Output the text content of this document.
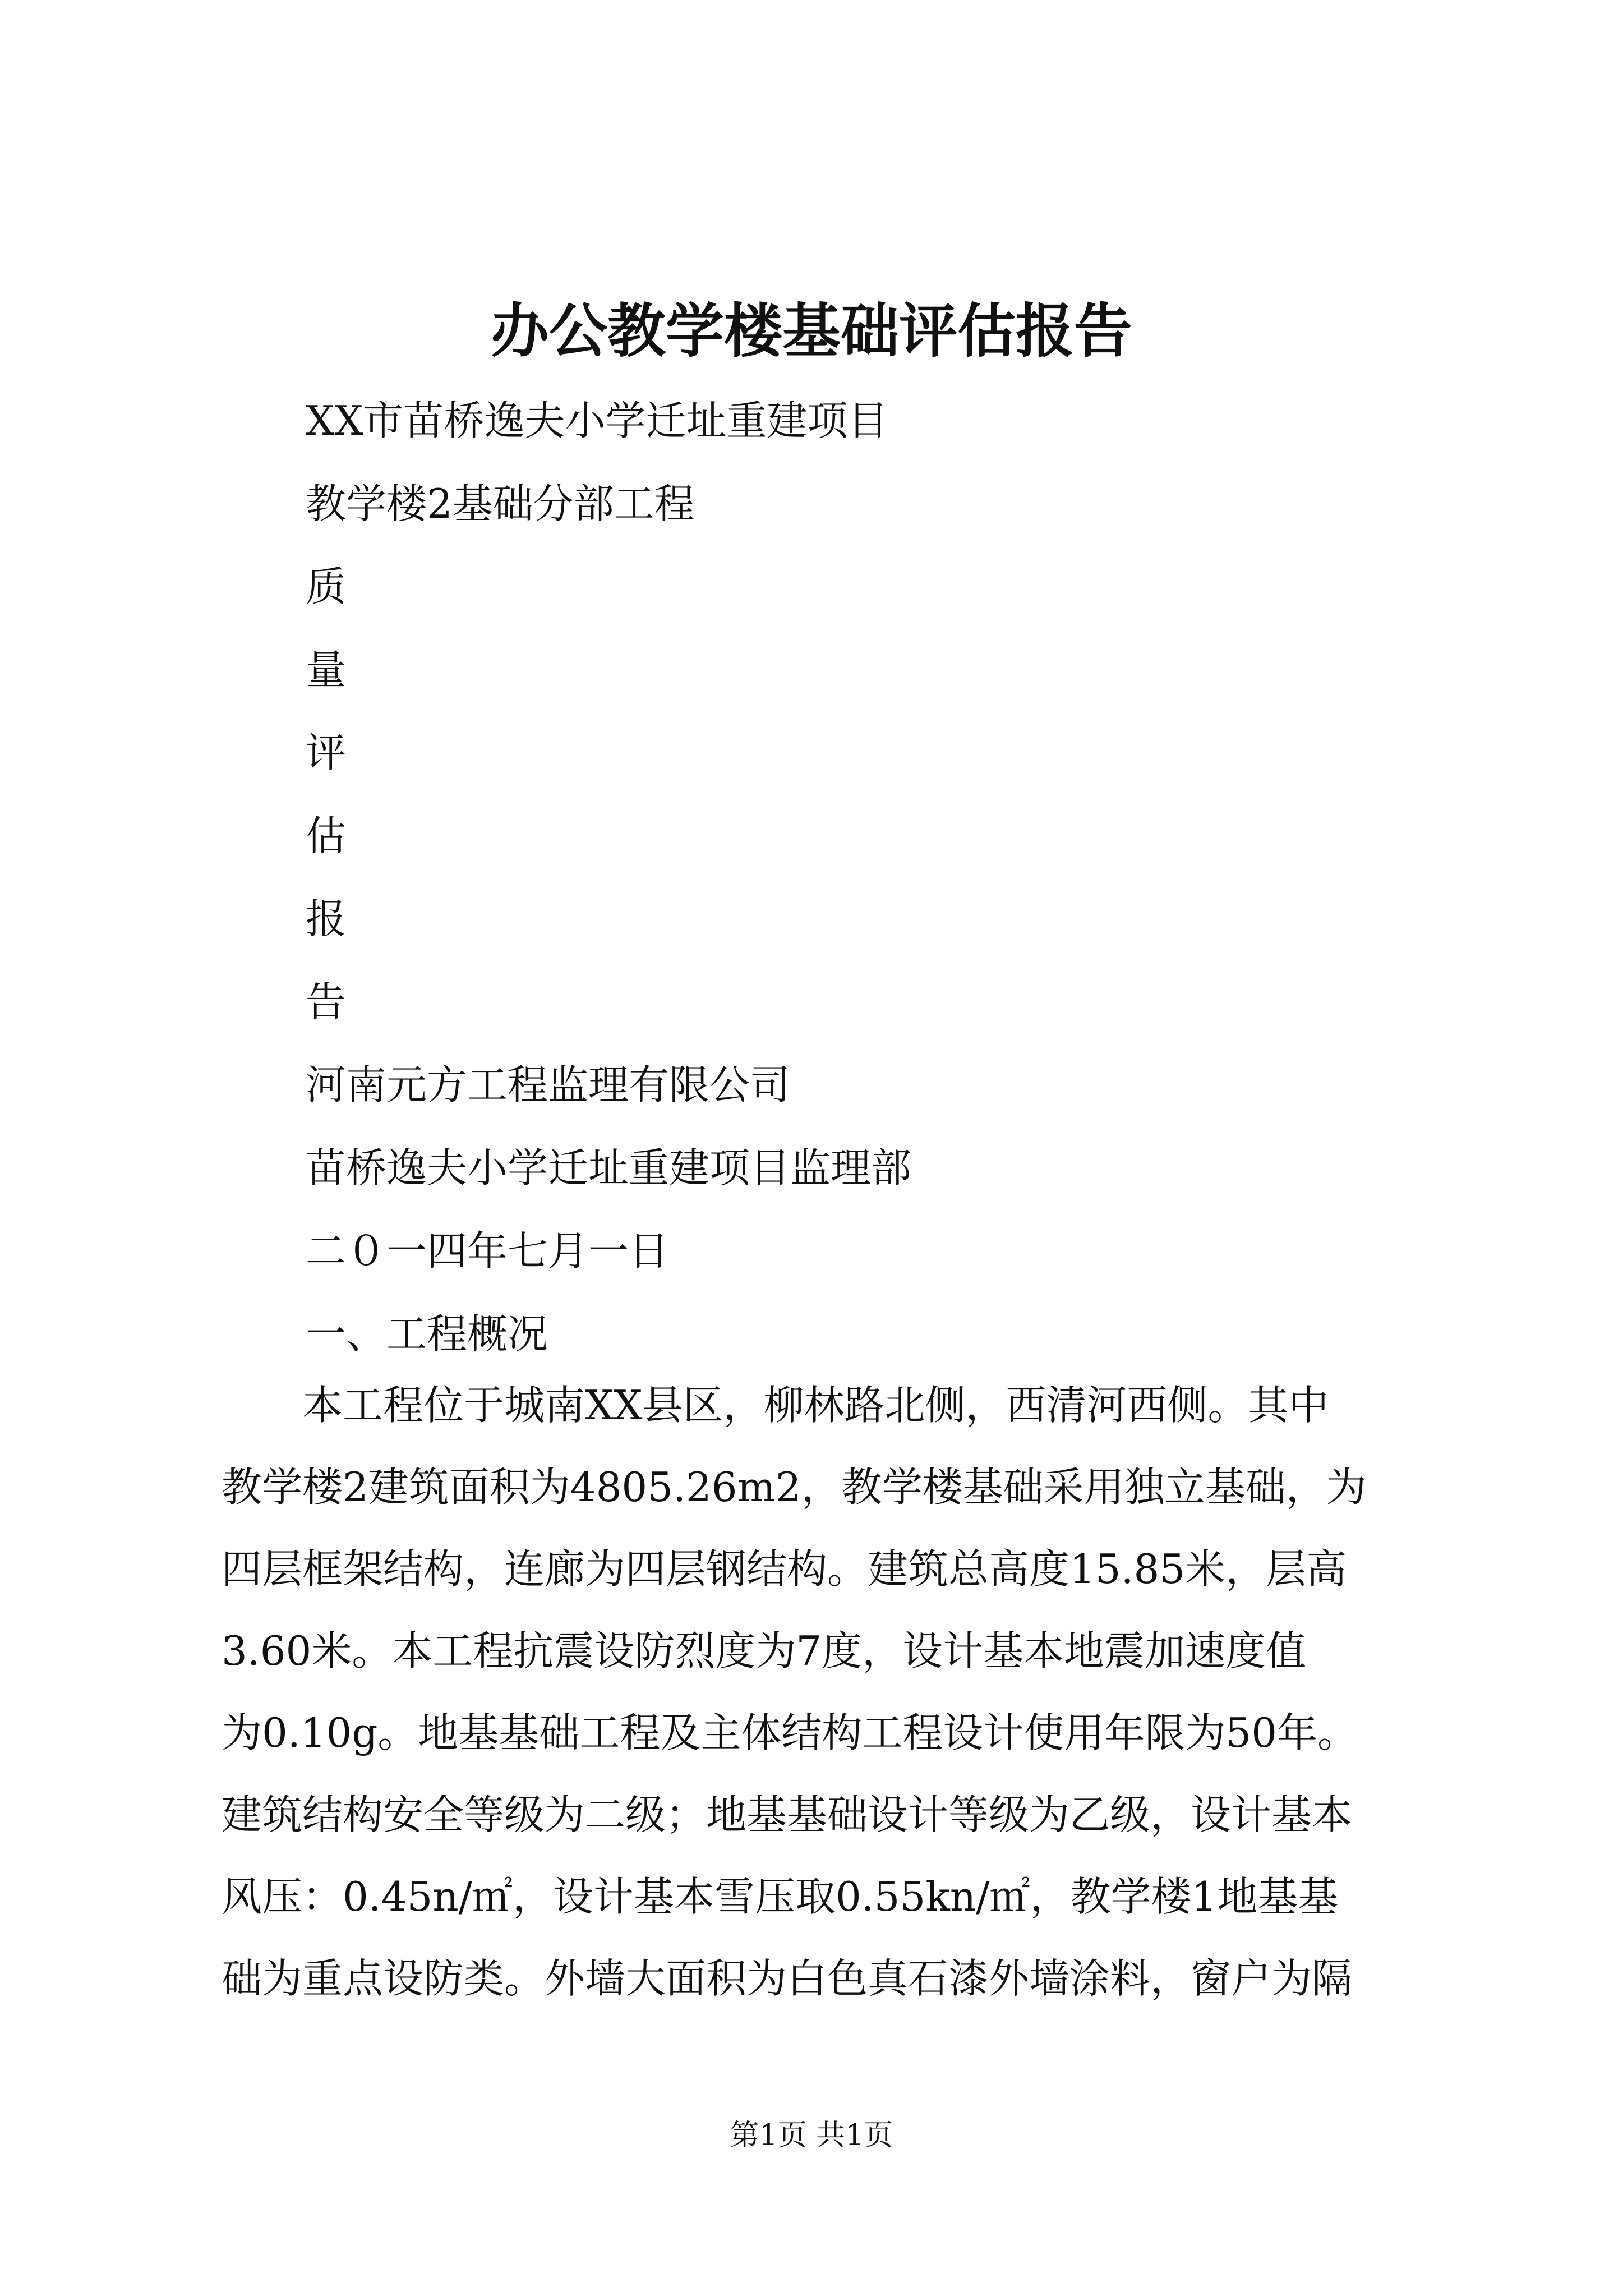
办公教学楼基础评估报告
XX市苗桥逸夫小学迁址重建项目
教学楼2基础分部工程
质
量
评
估
报
告
河南元方工程监理有限公司
苗桥逸夫小学迁址重建项目监理部
二０一四年七月一日
一、工程概况
　　本工程位于城南XX县区，柳林路北侧，西清河西侧。其中
教学楼2建筑面积为4805.26m2，教学楼基础采用独立基础，为
四层框架结构，连廊为四层钢结构。建筑总高度15.85米，层高
3.60米。本工程抗震设防烈度为7度，设计基本地震加速度值
为0.10g。地基基础工程及主体结构工程设计使用年限为50年。
建筑结构安全等级为二级；地基基础设计等级为乙级，设计基本
风压：0.45n/㎡，设计基本雪压取0.55kn/㎡，教学楼1地基基
础为重点设防类。外墙大面积为白色真石漆外墙涂料，窗户为隔
第1页 共1页
